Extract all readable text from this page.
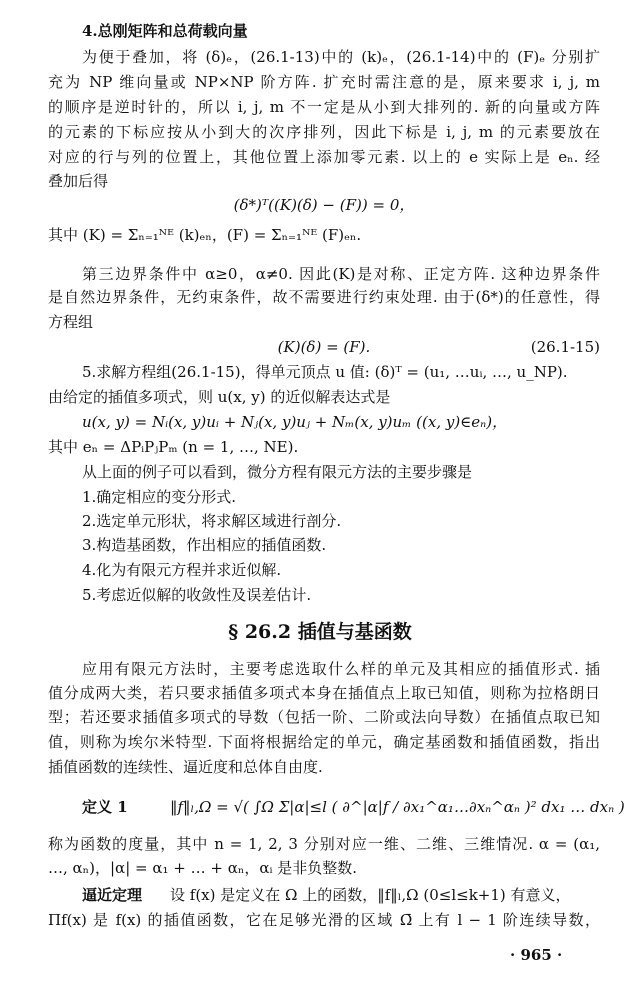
4.总刚矩阵和总荷载向量
为便于叠加，将 (δ)ₑ，(26.1-13)中的 (k)ₑ，(26.1-14)中的 (F)ₑ 分别扩
充为 NP 维向量或 NP×NP 阶方阵. 扩充时需注意的是，原来要求 i, j, m
的顺序是逆时针的，所以 i, j, m 不一定是从小到大排列的. 新的向量或方阵
的元素的下标应按从小到大的次序排列，因此下标是 i, j, m 的元素要放在
对应的行与列的位置上，其他位置上添加零元素. 以上的 e 实际上是 eₙ. 经
叠加后得
(δ*)ᵀ((K)(δ) − (F)) = 0，
其中 (K) = Σₙ₌₁ᴺᴱ (k)ₑₙ，(F) = Σₙ₌₁ᴺᴱ (F)ₑₙ.
第三边界条件中 α≥0，α≠0. 因此(K)是对称、正定方阵. 这种边界条件
是自然边界条件，无约束条件，故不需要进行约束处理. 由于(δ*)的任意性，得
方程组
(K)(δ) = (F).	(26.1-15)
5.求解方程组(26.1-15)，得单元顶点 u 值: (δ)ᵀ = (u₁, …uᵢ, …, u_NP).
由给定的插值多项式，则 u(x, y) 的近似解表达式是
u(x, y) = Nᵢ(x, y)uᵢ + Nⱼ(x, y)uⱼ + Nₘ(x, y)uₘ ((x, y)∈eₙ)，
其中 eₙ = ΔPᵢPⱼPₘ (n = 1, …, NE).
从上面的例子可以看到，微分方程有限元方法的主要步骤是
1.确定相应的变分形式.
2.选定单元形状，将求解区域进行剖分.
3.构造基函数，作出相应的插值函数.
4.化为有限元方程并求近似解.
5.考虑近似解的收敛性及误差估计.
§ 26.2 插值与基函数
应用有限元方法时，主要考虑选取什么样的单元及其相应的插值形式. 插
值分成两大类，若只要求插值多项式本身在插值点上取已知值，则称为拉格朗日
型；若还要求插值多项式的导数（包括一阶、二阶或法向导数）在插值点取已知
值，则称为埃尔米特型. 下面将根据给定的单元，确定基函数和插值函数，指出
插值函数的连续性、逼近度和总体自由度.
定义 1	‖f‖ₗ,Ω = √( ∫Ω Σ|α|≤l ( ∂^|α|f / ∂x₁^α₁…∂xₙ^αₙ )² dx₁ … dxₙ )
称为函数的度量，其中 n = 1, 2, 3 分别对应一维、二维、三维情况. α = (α₁,
…, αₙ)，|α| = α₁ + … + αₙ，αᵢ 是非负整数.
逼近定理	设 f(x) 是定义在 Ω 上的函数，‖f‖ₗ,Ω (0≤l≤k+1) 有意义，
Πf(x) 是 f(x) 的插值函数，它在足够光滑的区域 Ω̄ 上有 l − 1 阶连续导数，
· 965 ·
